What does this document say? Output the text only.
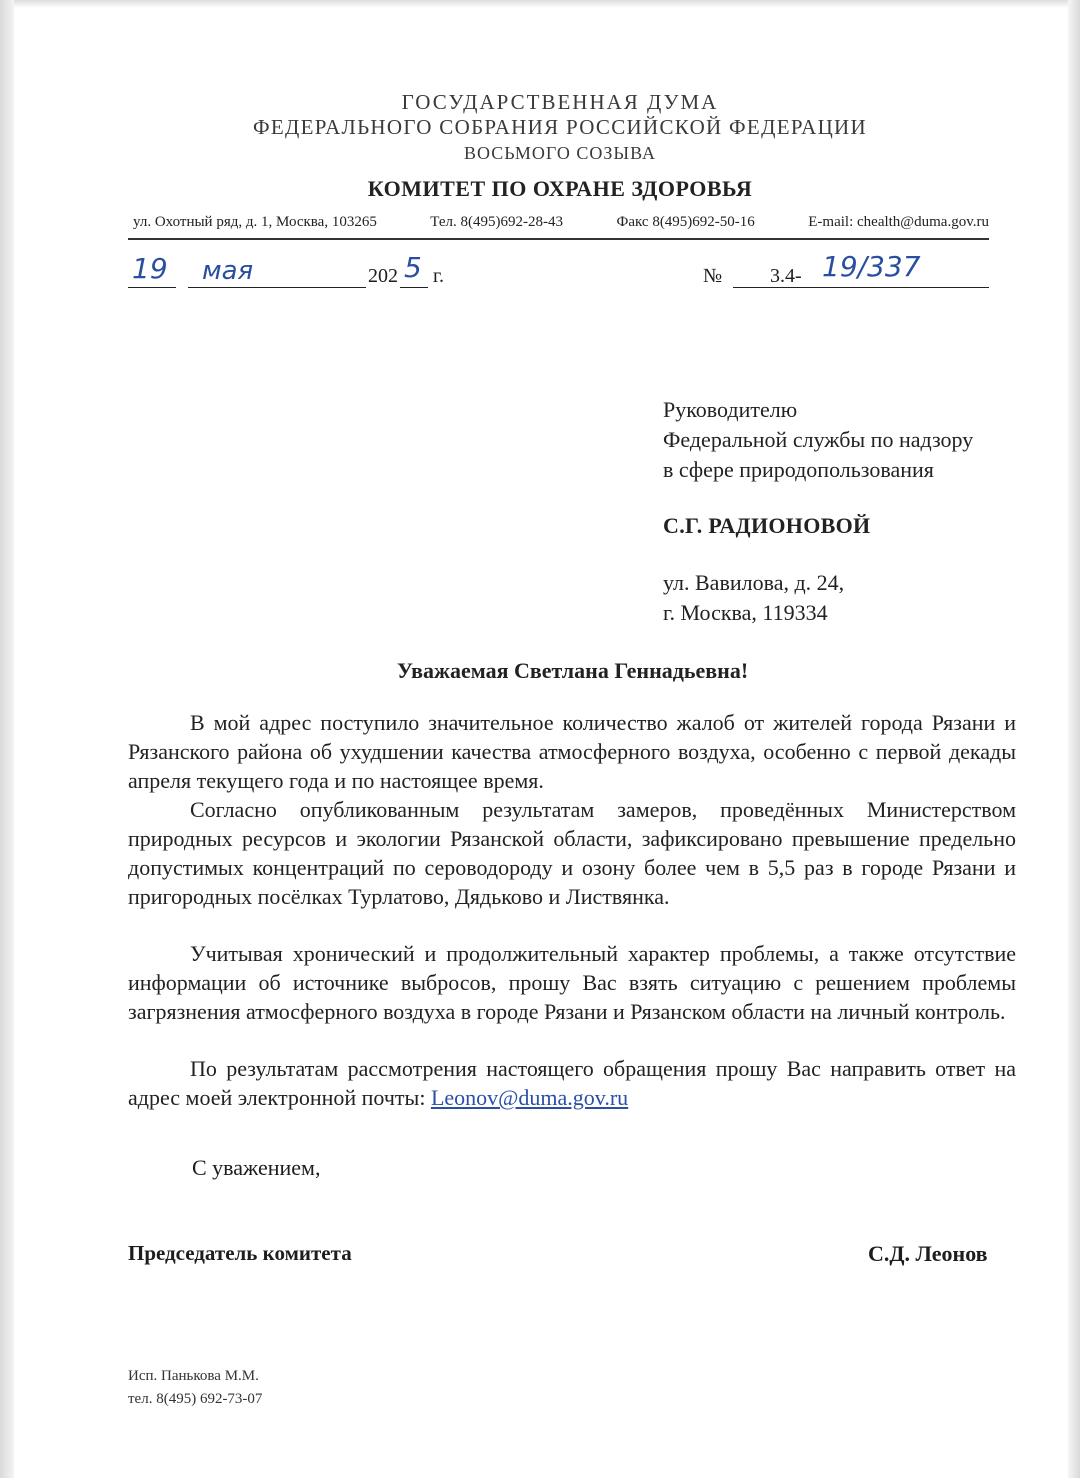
ГОСУДАРСТВЕННАЯ ДУМА
ФЕДЕРАЛЬНОГО СОБРАНИЯ РОССИЙСКОЙ ФЕДЕРАЦИИ
ВОСЬМОГО СОЗЫВА
КОМИТЕТ ПО ОХРАНЕ ЗДОРОВЬЯ
ул. Охотный ряд, д. 1, Москва, 103265	Тел. 8(495)692-28-43	Факс 8(495)692-50-16	E-mail: chealth@duma.gov.ru
19 мая	202 5 г.	№ 3.4- 19/337
Руководителю
Федеральной службы по надзору
в сфере природопользования
С.Г. РАДИОНОВОЙ
ул. Вавилова, д. 24,
г. Москва, 119334
Уважаемая Светлана Геннадьевна!
В мой адрес поступило значительное количество жалоб от жителей города Рязани и Рязанского района об ухудшении качества атмосферного воздуха, особенно с первой декады апреля текущего года и по настоящее время.
Согласно опубликованным результатам замеров, проведённых Министерством природных ресурсов и экологии Рязанской области, зафиксировано превышение предельно допустимых концентраций по сероводороду и озону более чем в 5,5 раз в городе Рязани и пригородных посёлках Турлатово, Дядьково и Листвянка.
Учитывая хронический и продолжительный характер проблемы, а также отсутствие информации об источнике выбросов, прошу Вас взять ситуацию с решением проблемы загрязнения атмосферного воздуха в городе Рязани и Рязанском области на личный контроль.
По результатам рассмотрения настоящего обращения прошу Вас направить ответ на адрес моей электронной почты: Leonov@duma.gov.ru
С уважением,
Председатель комитета	С.Д. Леонов
Исп. Панькова М.М.
тел. 8(495) 692-73-07
